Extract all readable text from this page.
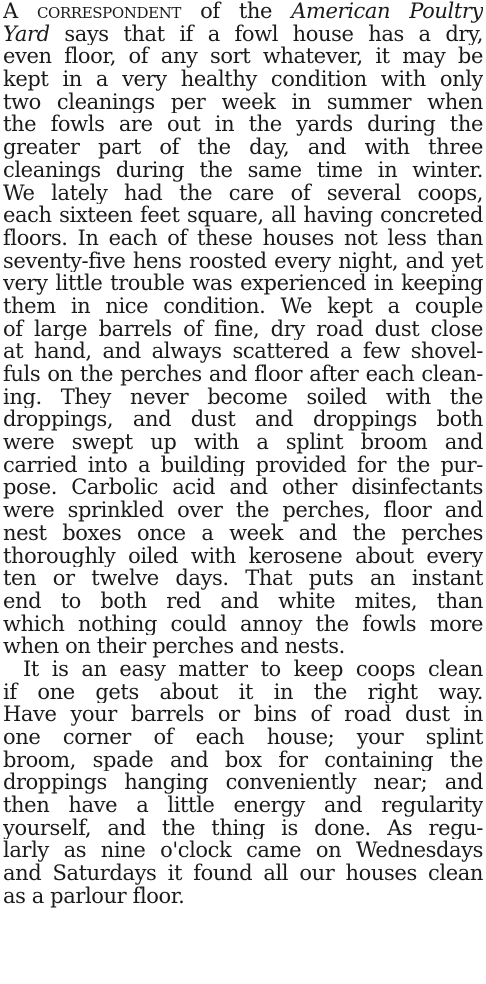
A correspondent of the American Poultry
Yard says that if a fowl house has a dry,
even floor, of any sort whatever, it may be
kept in a very healthy condition with only
two cleanings per week in summer when
the fowls are out in the yards during the
greater part of the day, and with three
cleanings during the same time in winter.
We lately had the care of several coops,
each sixteen feet square, all having concreted
floors. In each of these houses not less than
seventy-five hens roosted every night, and yet
very little trouble was experienced in keeping
them in nice condition. We kept a couple
of large barrels of fine, dry road dust close
at hand, and always scattered a few shovel-
fuls on the perches and floor after each clean-
ing. They never become soiled with the
droppings, and dust and droppings both
were swept up with a splint broom and
carried into a building provided for the pur-
pose. Carbolic acid and other disinfectants
were sprinkled over the perches, floor and
nest boxes once a week and the perches
thoroughly oiled with kerosene about every
ten or twelve days. That puts an instant
end to both red and white mites, than
which nothing could annoy the fowls more
when on their perches and nests.
It is an easy matter to keep coops clean
if one gets about it in the right way.
Have your barrels or bins of road dust in
one corner of each house; your splint
broom, spade and box for containing the
droppings hanging conveniently near; and
then have a little energy and regularity
yourself, and the thing is done. As regu-
larly as nine o'clock came on Wednesdays
and Saturdays it found all our houses clean
as a parlour floor.
